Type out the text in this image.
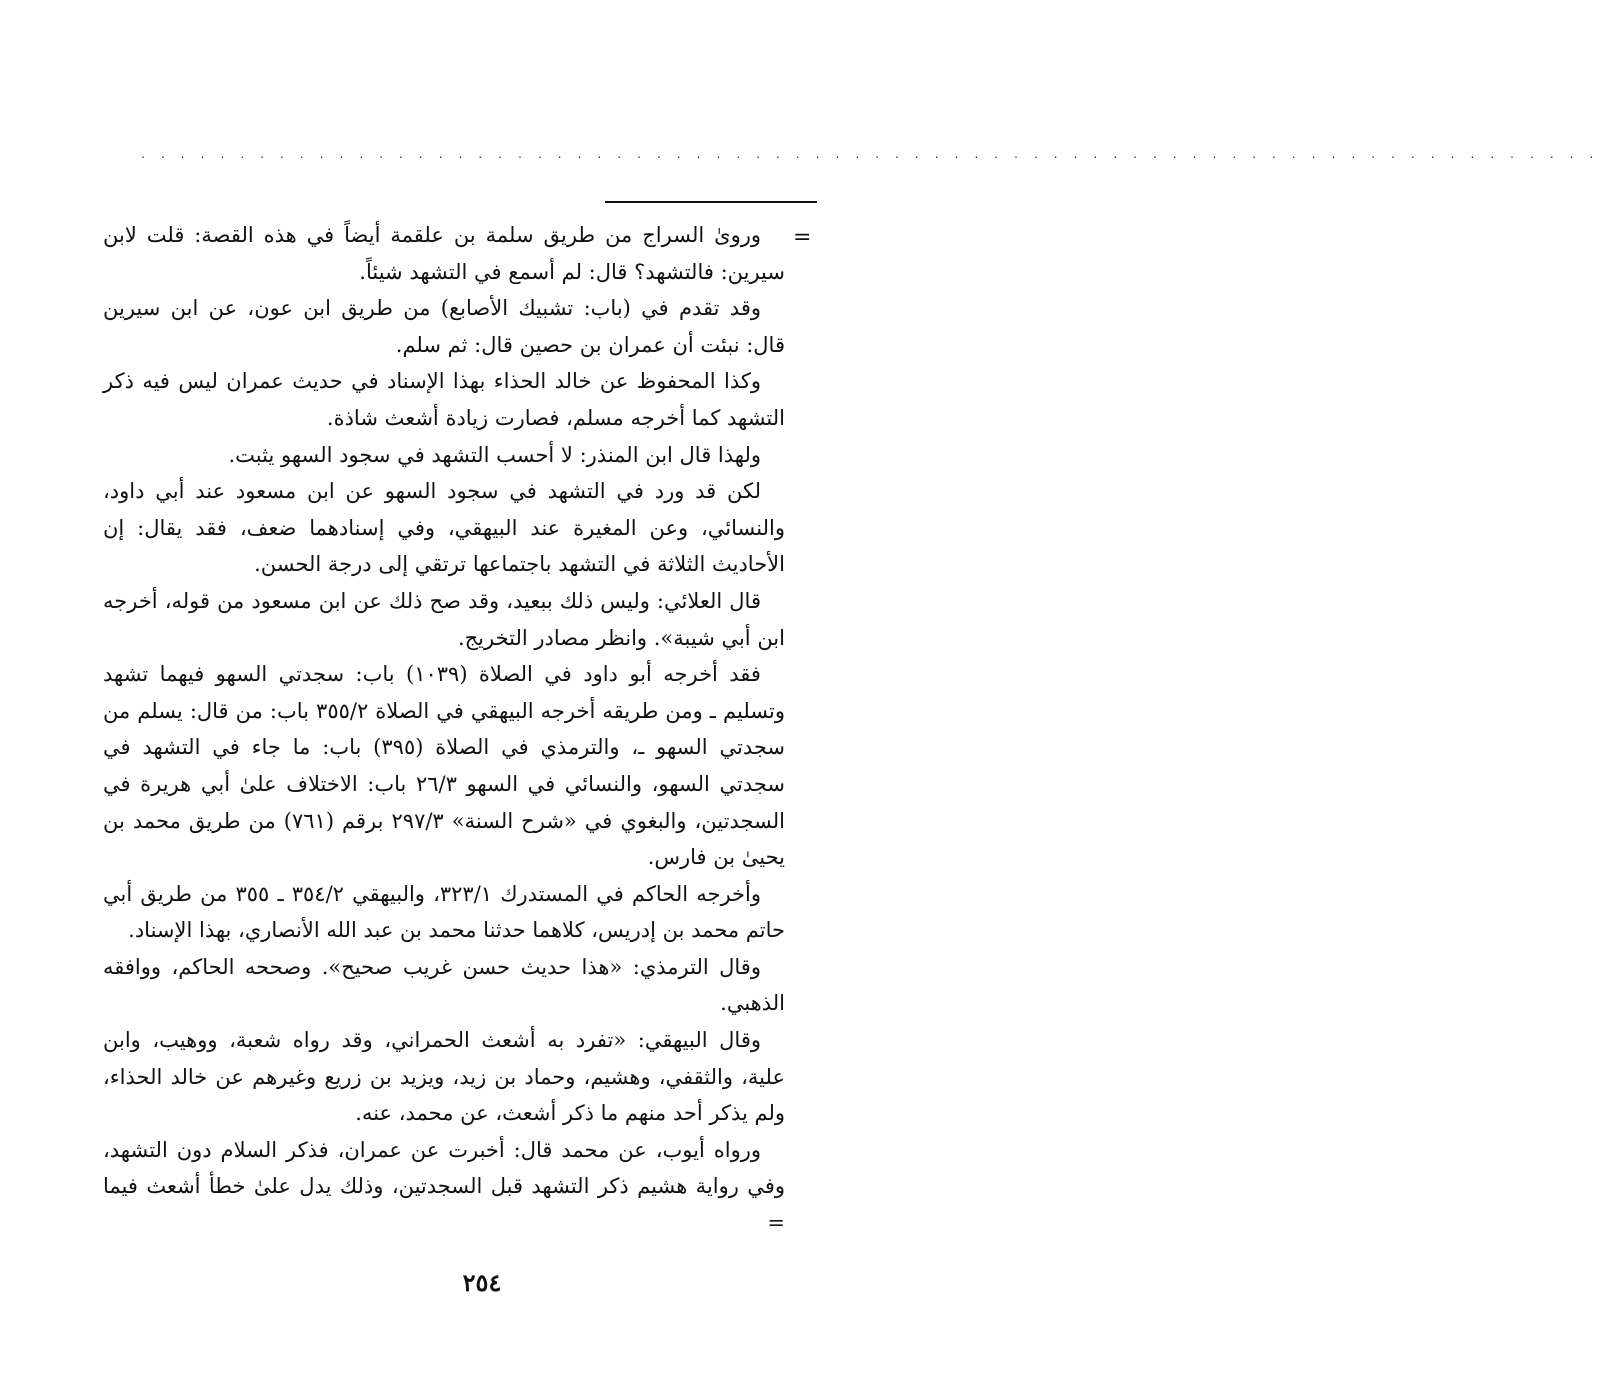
. . . . . . . . . . . . . . . . . . . . . . . . . . . . . . . . . . . . . . . . . . . . . . . . . . . . . . . . . . . . . . . . . . . . . . . . . .
=

ورویٰ السراج من طريق سلمة بن علقمة أيضاً في هذه القصة: قلت لابن سيرين: فالتشهد؟ قال: لم أسمع في التشهد شيئاً.

وقد تقدم في (باب: تشبيك الأصابع) من طريق ابن عون، عن ابن سيرين قال: نبئت أن عمران بن حصين قال: ثم سلم.

وكذا المحفوظ عن خالد الحذاء بهذا الإسناد في حديث عمران ليس فيه ذكر التشهد كما أخرجه مسلم، فصارت زيادة أشعث شاذة.

ولهذا قال ابن المنذر: لا أحسب التشهد في سجود السهو يثبت.

لكن قد ورد في التشهد في سجود السهو عن ابن مسعود عند أبي داود، والنسائي، وعن المغيرة عند البيهقي، وفي إسنادهما ضعف، فقد يقال: إن الأحاديث الثلاثة في التشهد باجتماعها ترتقي إلى درجة الحسن.

قال العلائي: وليس ذلك ببعيد، وقد صح ذلك عن ابن مسعود من قوله، أخرجه ابن أبي شيبة». وانظر مصادر التخريج.

فقد أخرجه أبو داود في الصلاة (١٠٣٩) باب: سجدتي السهو فيهما تشهد وتسليم ـ ومن طريقه أخرجه البيهقي في الصلاة ٣٥٥/٢ باب: من قال: يسلم من سجدتي السهو ـ، والترمذي في الصلاة (٣٩٥) باب: ما جاء في التشهد في سجدتي السهو، والنسائي في السهو ٢٦/٣ باب: الاختلاف علىٰ أبي هريرة في السجدتين، والبغوي في «شرح السنة» ٢٩٧/٣ برقم (٧٦١) من طريق محمد بن يحيىٰ بن فارس.

وأخرجه الحاكم في المستدرك ٣٢٣/١، والبيهقي ٣٥٤/٢ ـ ٣٥٥ من طريق أبي حاتم محمد بن إدريس، كلاهما حدثنا محمد بن عبد الله الأنصاري، بهذا الإسناد.

وقال الترمذي: «هذا حديث حسن غريب صحيح». وصححه الحاكم، ووافقه الذهبي.

وقال البيهقي: «تفرد به أشعث الحمراني، وقد رواه شعبة، ووهيب، وابن علية، والثقفي، وهشيم، وحماد بن زيد، ويزيد بن زريع وغيرهم عن خالد الحذاء، ولم يذكر أحد منهم ما ذكر أشعث، عن محمد، عنه.

ورواه أيوب، عن محمد قال: أخبرت عن عمران، فذكر السلام دون التشهد، وفي رواية هشيم ذكر التشهد قبل السجدتين، وذلك يدل علىٰ خطأ أشعث فيما =

٢٥٤
